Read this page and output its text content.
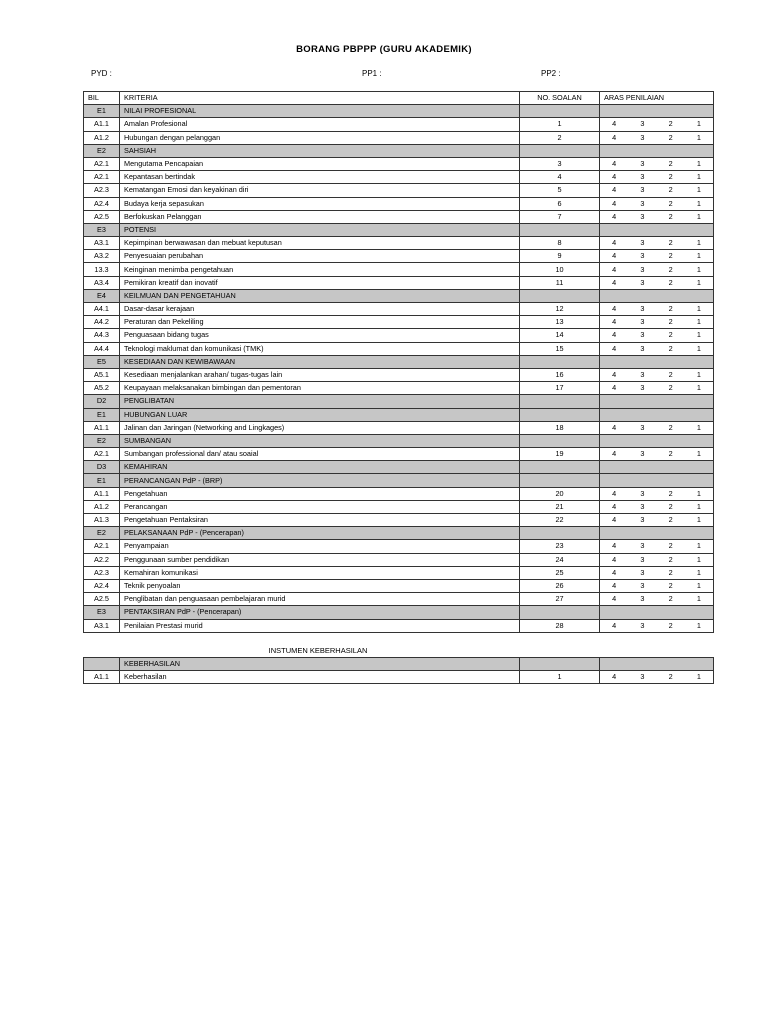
BORANG PBPPP (GURU AKADEMIK)
PYD :	PP1 :	PP2 :
BIL	KRITERIA	NO. SOALAN	ARAS PENILAIAN
E1	NILAI PROFESIONAL		
A1.1	Amalan Profesional	1	4 3 2 1

A1.2	Hubungan dengan pelanggan	2	4 3 2 1

E2	SAHSIAH		
A2.1	Mengutama Pencapaian	3	4 3 2 1

A2.1	Kepantasan bertindak	4	4 3 2 1

A2.3	Kematangan Emosi dan keyakinan diri	5	4 3 2 1

A2.4	Budaya kerja sepasukan	6	4 3 2 1

A2.5	Berfokuskan Pelanggan	7	4 3 2 1

E3	POTENSI		
A3.1	Kepimpinan berwawasan dan mebuat keputusan	8	4 3 2 1

A3.2	Penyesuaian perubahan	9	4 3 2 1

13.3	Keinginan menimba pengetahuan	10	4 3 2 1

A3.4	Pemikiran kreatif dan inovatif	11	4 3 2 1

E4	KEILMUAN DAN PENGETAHUAN		
A4.1	Dasar-dasar kerajaan	12	4 3 2 1

A4.2	Peraturan dan Pekeliling	13	4 3 2 1

A4.3	Penguasaan bidang tugas	14	4 3 2 1

A4.4	Teknologi maklumat dan komunikasi (TMK)	15	4 3 2 1

E5	KESEDIAAN DAN KEWIBAWAAN		
A5.1	Kesediaan menjalankan arahan/ tugas-tugas lain	16	4 3 2 1

A5.2	Keupayaan melaksanakan bimbingan dan pementoran	17	4 3 2 1

D2	PENGLIBATAN		
E1	HUBUNGAN LUAR		
A1.1	Jalinan dan Jaringan (Networking and Lingkages)	18	4 3 2 1

E2	SUMBANGAN		
A2.1	Sumbangan professional dan/ atau soaial	19	4 3 2 1

D3	KEMAHIRAN		
E1	PERANCANGAN PdP - (BRP)		
A1.1	Pengetahuan	20	4 3 2 1

A1.2	Perancangan	21	4 3 2 1

A1.3	Pengetahuan Pentaksiran	22	4 3 2 1

E2	PELAKSANAAN PdP - (Pencerapan)		
A2.1	Penyampaian	23	4 3 2 1

A2.2	Penggunaan sumber pendidikan	24	4 3 2 1

A2.3	Kemahiran komunikasi	25	4 3 2 1

A2.4	Teknik penyoalan	26	4 3 2 1

A2.5	Penglibatan dan penguasaan pembelajaran murid	27	4 3 2 1

E3	PENTAKSIRAN PdP - (Pencerapan)		
A3.1	Penilaian Prestasi murid	28	4 3 2 1
INSTUMEN KEBERHASILAN
	KEBERHASILAN		
A1.1	Keberhasilan	1	4 3 2 1
